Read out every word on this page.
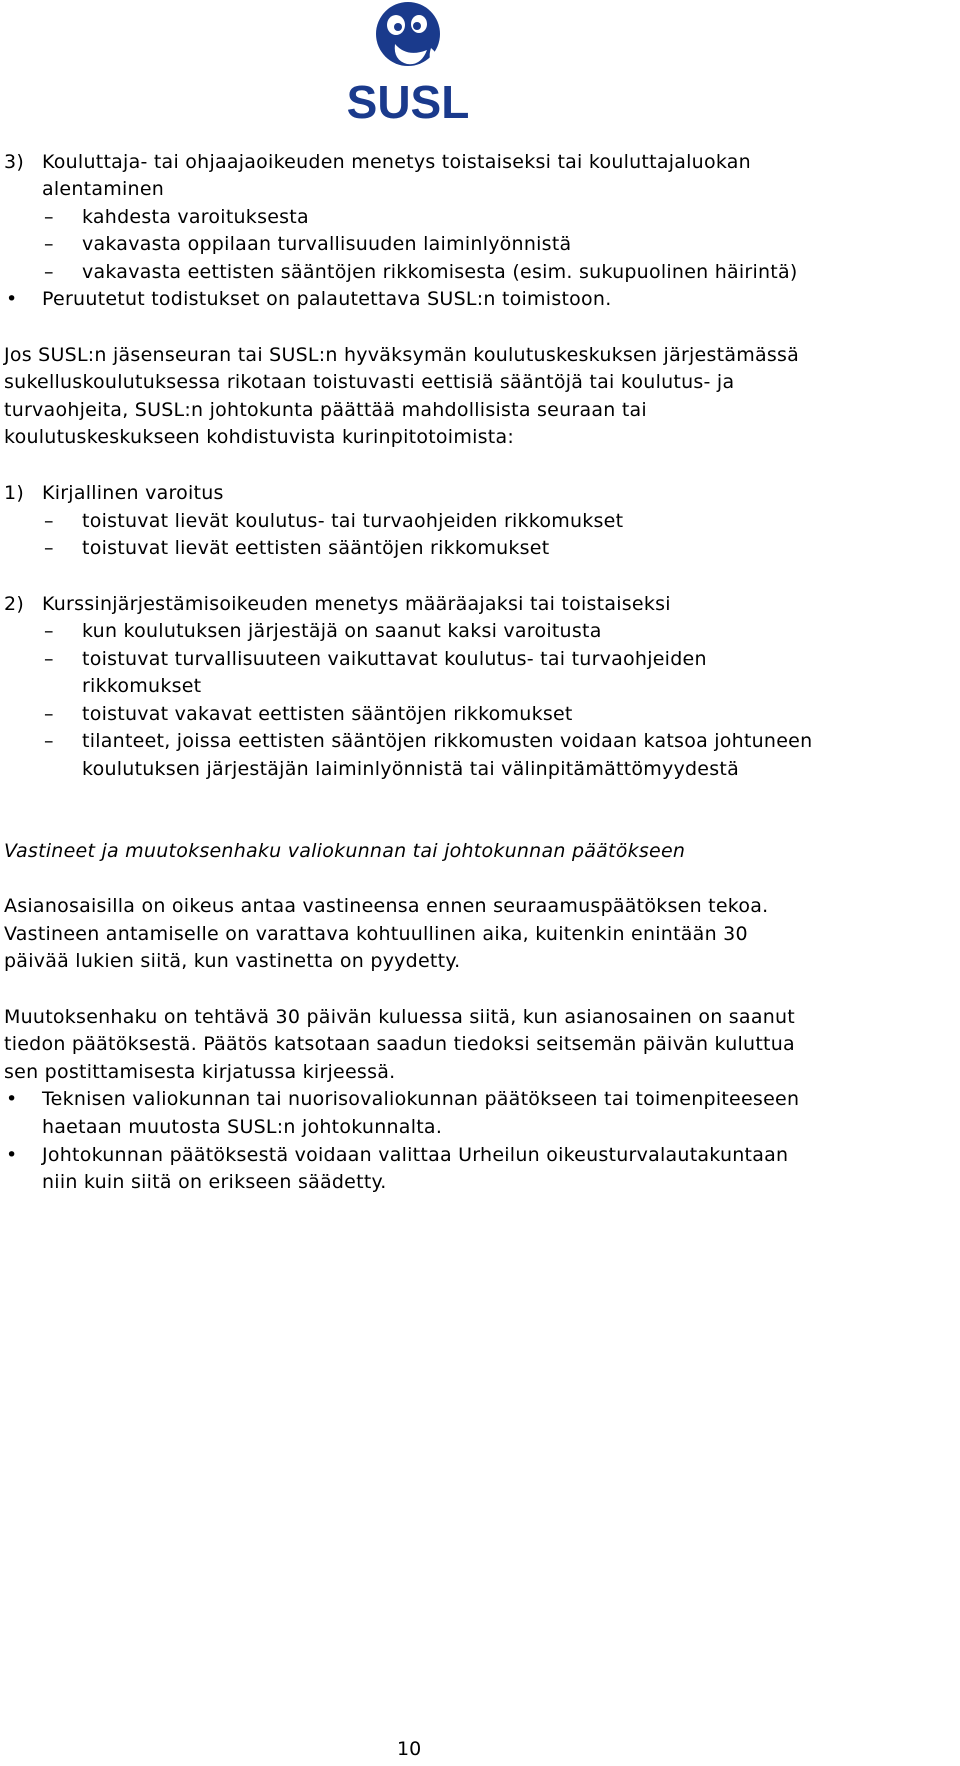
SUSL
3) Kouluttaja- tai ohjaajaoikeuden menetys toistaiseksi tai kouluttajaluokan
alentaminen
– kahdesta varoituksesta
– vakavasta oppilaan turvallisuuden laiminlyönnistä
– vakavasta eettisten sääntöjen rikkomisesta (esim. sukupuolinen häirintä)
• Peruutetut todistukset on palautettava SUSL:n toimistoon.
Jos SUSL:n jäsenseuran tai SUSL:n hyväksymän koulutuskeskuksen järjestämässä
sukelluskoulutuksessa rikotaan toistuvasti eettisiä sääntöjä tai koulutus- ja
turvaohjeita, SUSL:n johtokunta päättää mahdollisista seuraan tai
koulutuskeskukseen kohdistuvista kurinpitotoimista:
1) Kirjallinen varoitus
– toistuvat lievät koulutus- tai turvaohjeiden rikkomukset
– toistuvat lievät eettisten sääntöjen rikkomukset
2) Kurssinjärjestämisoikeuden menetys määräajaksi tai toistaiseksi
– kun koulutuksen järjestäjä on saanut kaksi varoitusta
– toistuvat turvallisuuteen vaikuttavat koulutus- tai turvaohjeiden
rikkomukset
– toistuvat vakavat eettisten sääntöjen rikkomukset
– tilanteet, joissa eettisten sääntöjen rikkomusten voidaan katsoa johtuneen
koulutuksen järjestäjän laiminlyönnistä tai välinpitämättömyydestä
Vastineet ja muutoksenhaku valiokunnan tai johtokunnan päätökseen
Asianosaisilla on oikeus antaa vastineensa ennen seuraamuspäätöksen tekoa.
Vastineen antamiselle on varattava kohtuullinen aika, kuitenkin enintään 30
päivää lukien siitä, kun vastinetta on pyydetty.
Muutoksenhaku on tehtävä 30 päivän kuluessa siitä, kun asianosainen on saanut
tiedon päätöksestä. Päätös katsotaan saadun tiedoksi seitsemän päivän kuluttua
sen postittamisesta kirjatussa kirjeessä.
• Teknisen valiokunnan tai nuorisovaliokunnan päätökseen tai toimenpiteeseen
haetaan muutosta SUSL:n johtokunnalta.
• Johtokunnan päätöksestä voidaan valittaa Urheilun oikeusturvalautakuntaan
niin kuin siitä on erikseen säädetty.
10
